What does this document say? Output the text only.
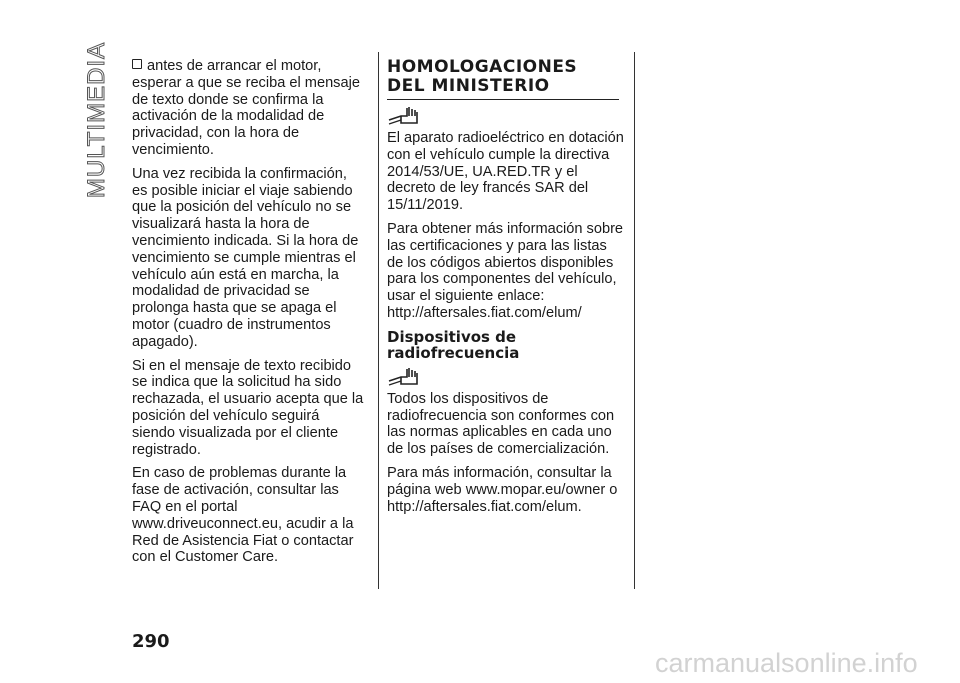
MULTIMEDIA	antes de arrancar el motor, esperar a que se reciba el mensaje de texto donde se confirma la activación de la modalidad de privacidad, con la hora de vencimiento.

Una vez recibida la confirmación, es posible iniciar el viaje sabiendo que la posición del vehículo no se visualizará hasta la hora de vencimiento indicada. Si la hora de vencimiento se cumple mientras el vehículo aún está en marcha, la modalidad de privacidad se prolonga hasta que se apaga el motor (cuadro de instrumentos apagado).

Si en el mensaje de texto recibido se indica que la solicitud ha sido rechazada, el usuario acepta que la posición del vehículo seguirá siendo visualizada por el cliente registrado.

En caso de problemas durante la fase de activación, consultar las FAQ en el portal www.driveuconnect.eu, acudir a la Red de Asistencia Fiat o contactar con el Customer Care.

HOMOLOGACIONES DEL MINISTERIO

El aparato radioeléctrico en dotación con el vehículo cumple la directiva 2014/53/UE, UA.RED.TR y el decreto de ley francés SAR del 15/11/2019.

Para obtener más información sobre las certificaciones y para las listas de los códigos abiertos disponibles para los componentes del vehículo, usar el siguiente enlace: http://aftersales.fiat.com/elum/

Dispositivos de radiofrecuencia

Todos los dispositivos de radiofrecuencia son conformes con las normas aplicables en cada uno de los países de comercialización.

Para más información, consultar la página web www.mopar.eu/owner o http://aftersales.fiat.com/elum.

290
carmanualsonline.info
